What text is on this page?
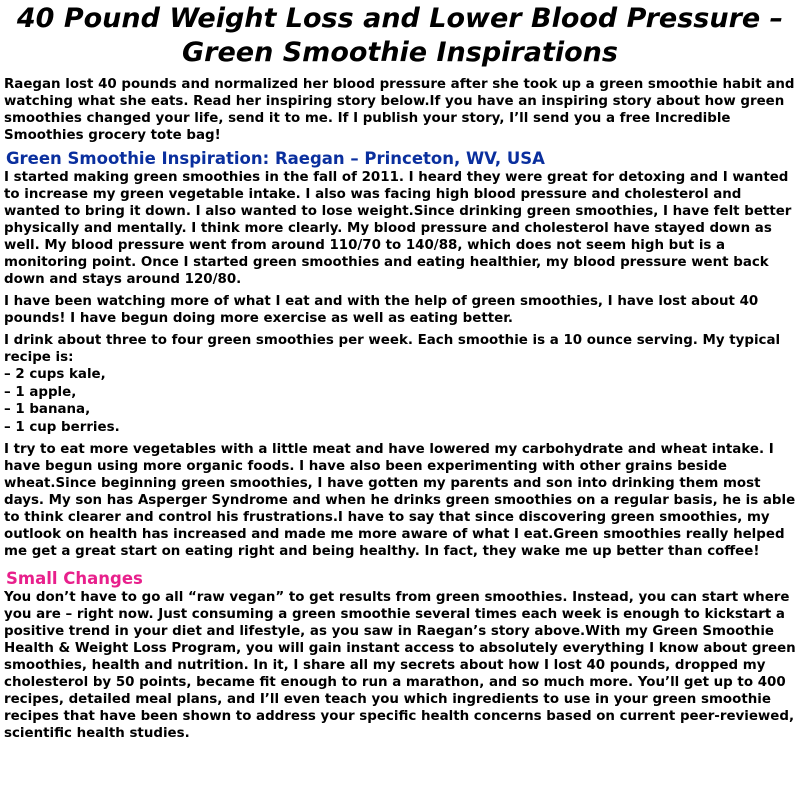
40 Pound Weight Loss and Lower Blood Pressure – Green Smoothie Inspirations

Raegan lost 40 pounds and normalized her blood pressure after she took up a green smoothie habit and watching what she eats. Read her inspiring story below.If you have an inspiring story about how green smoothies changed your life, send it to me. If I publish your story, I’ll send you a free Incredible Smoothies grocery tote bag!

Green Smoothie Inspiration: Raegan – Princeton, WV, USA

I started making green smoothies in the fall of 2011. I heard they were great for detoxing and I wanted to increase my green vegetable intake. I also was facing high blood pressure and cholesterol and wanted to bring it down. I also wanted to lose weight.Since drinking green smoothies, I have felt better physically and mentally. I think more clearly. My blood pressure and cholesterol have stayed down as well. My blood pressure went from around 110/70 to 140/88, which does not seem high but is a monitoring point. Once I started green smoothies and eating healthier, my blood pressure went back down and stays around 120/80.

I have been watching more of what I eat and with the help of green smoothies, I have lost about 40 pounds! I have begun doing more exercise as well as eating better.

I drink about three to four green smoothies per week. Each smoothie is a 10 ounce serving. My typical recipe is:

– 2 cups kale,
– 1 apple,
– 1 banana,
– 1 cup berries.

I try to eat more vegetables with a little meat and have lowered my carbohydrate and wheat intake. I have begun using more organic foods. I have also been experimenting with other grains beside wheat.Since beginning green smoothies, I have gotten my parents and son into drinking them most days. My son has Asperger Syndrome and when he drinks green smoothies on a regular basis, he is able to think clearer and control his frustrations.I have to say that since discovering green smoothies, my outlook on health has increased and made me more aware of what I eat.Green smoothies really helped me get a great start on eating right and being healthy. In fact, they wake me up better than coffee!

Small Changes

You don’t have to go all “raw vegan” to get results from green smoothies. Instead, you can start where you are – right now. Just consuming a green smoothie several times each week is enough to kickstart a positive trend in your diet and lifestyle, as you saw in Raegan’s story above.With my Green Smoothie Health & Weight Loss Program, you will gain instant access to absolutely everything I know about green smoothies, health and nutrition. In it, I share all my secrets about how I lost 40 pounds, dropped my cholesterol by 50 points, became fit enough to run a marathon, and so much more. You’ll get up to 400 recipes, detailed meal plans, and I’ll even teach you which ingredients to use in your green smoothie recipes that have been shown to address your specific health concerns based on current peer-reviewed, scientific health studies.
